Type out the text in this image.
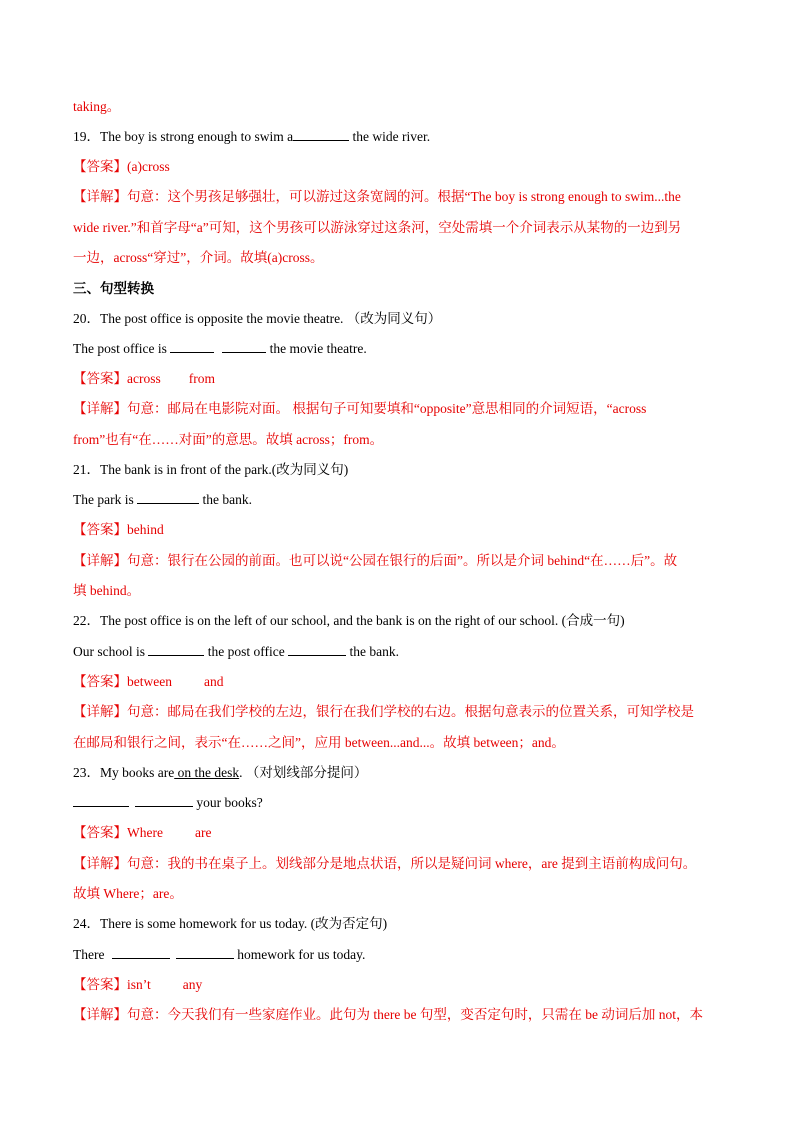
taking。
19．The boy is strong enough to swim a	the wide river.
【答案】(a)cross
【详解】句意：这个男孩足够强壮，可以游过这条宽阔的河。根据“The boy is strong enough to swim...the
wide river.”和首字母“a”可知，这个男孩可以游泳穿过这条河，空处需填一个介词表示从某物的一边到另
一边，across“穿过”，介词。故填(a)cross。
三、句型转换
20．The post office is opposite the movie theatre. （改为同义句）
The post office is	the movie theatre.
【答案】across from
【详解】句意：邮局在电影院对面。 根据句子可知要填和“opposite”意思相同的介词短语，“across
from”也有“在……对面”的意思。故填 across；from。
21．The bank is in front of the park.(改为同义句)
The park is	the bank.
【答案】behind
【详解】句意：银行在公园的前面。也可以说“公园在银行的后面”。所以是介词 behind“在……后”。故
填 behind。
22．The post office is on the left of our school, and the bank is on the right of our school. (合成一句)
Our school is	the post office	the bank.
【答案】between and
【详解】句意：邮局在我们学校的左边，银行在我们学校的右边。根据句意表示的位置关系，可知学校是
在邮局和银行之间，表示“在……之间”，应用 between...and...。故填 between；and。
23．My books are on the desk. （对划线部分提问）
your books?
【答案】Where are
【详解】句意：我的书在桌子上。划线部分是地点状语，所以是疑问词 where，are 提到主语前构成问句。
故填 Where；are。
24．There is some homework for us today. (改为否定句)
There	homework for us today.
【答案】isn’t any
【详解】句意：今天我们有一些家庭作业。此句为 there be 句型，变否定句时，只需在 be 动词后加 not，本
